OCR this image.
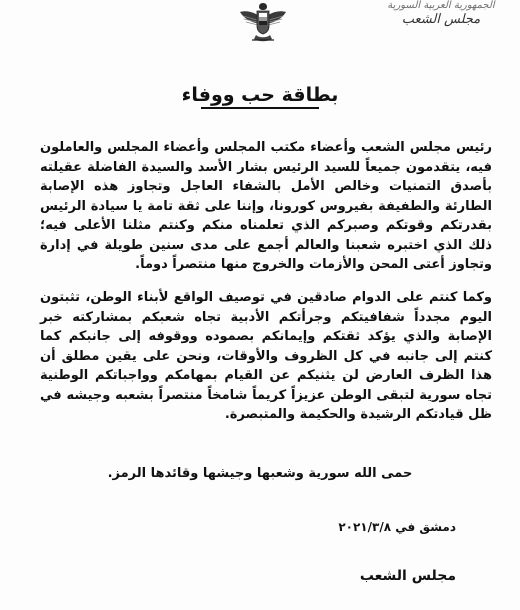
الجمهورية العربية السورية
مجلس الشعب
بطاقة حب ووفاء

رئيس مجلس الشعب وأعضاء مكتب المجلس وأعضاء المجلس والعاملون فيه، يتقدمون جميعاً للسيد الرئيس بشار الأسد والسيدة الفاضلة عقيلته بأصدق التمنيات وخالص الأمل بالشفاء العاجل وتجاوز هذه الإصابة الطارئة والطفيفة بفيروس كورونا، وإننا على ثقة تامة يا سيادة الرئيس بقدرتكم وقوتكم وصبركم الذي تعلمناه منكم وكنتم مثلنا الأعلى فيه؛ ذلك الذي اختبره شعبنا والعالم أجمع على مدى سنين طويلة في إدارة وتجاوز أعتى المحن والأزمات والخروج منها منتصراً دوماً.

وكما كنتم على الدوام صادقين في توصيف الواقع لأبناء الوطن، تثبتون اليوم مجدداً شفافيتكم وجرأتكم الأدبية تجاه شعبكم بمشاركته خبر الإصابة والذي يؤكد ثقتكم وإيمانكم بصموده ووقوفه إلى جانبكم كما كنتم إلى جانبه في كل الظروف والأوقات، ونحن على يقين مطلق أن هذا الظرف العارض لن يثنيكم عن القيام بمهامكم وواجباتكم الوطنية تجاه سورية لتبقى الوطن عزيزاً كريماً شامخاً منتصراً بشعبه وجيشه في ظل قيادتكم الرشيدة والحكيمة والمتبصرة.

حمى الله سورية وشعبها وجيشها وقائدها الرمز.
دمشق في ٢٠٢١/٣/٨
مجلس الشعب
